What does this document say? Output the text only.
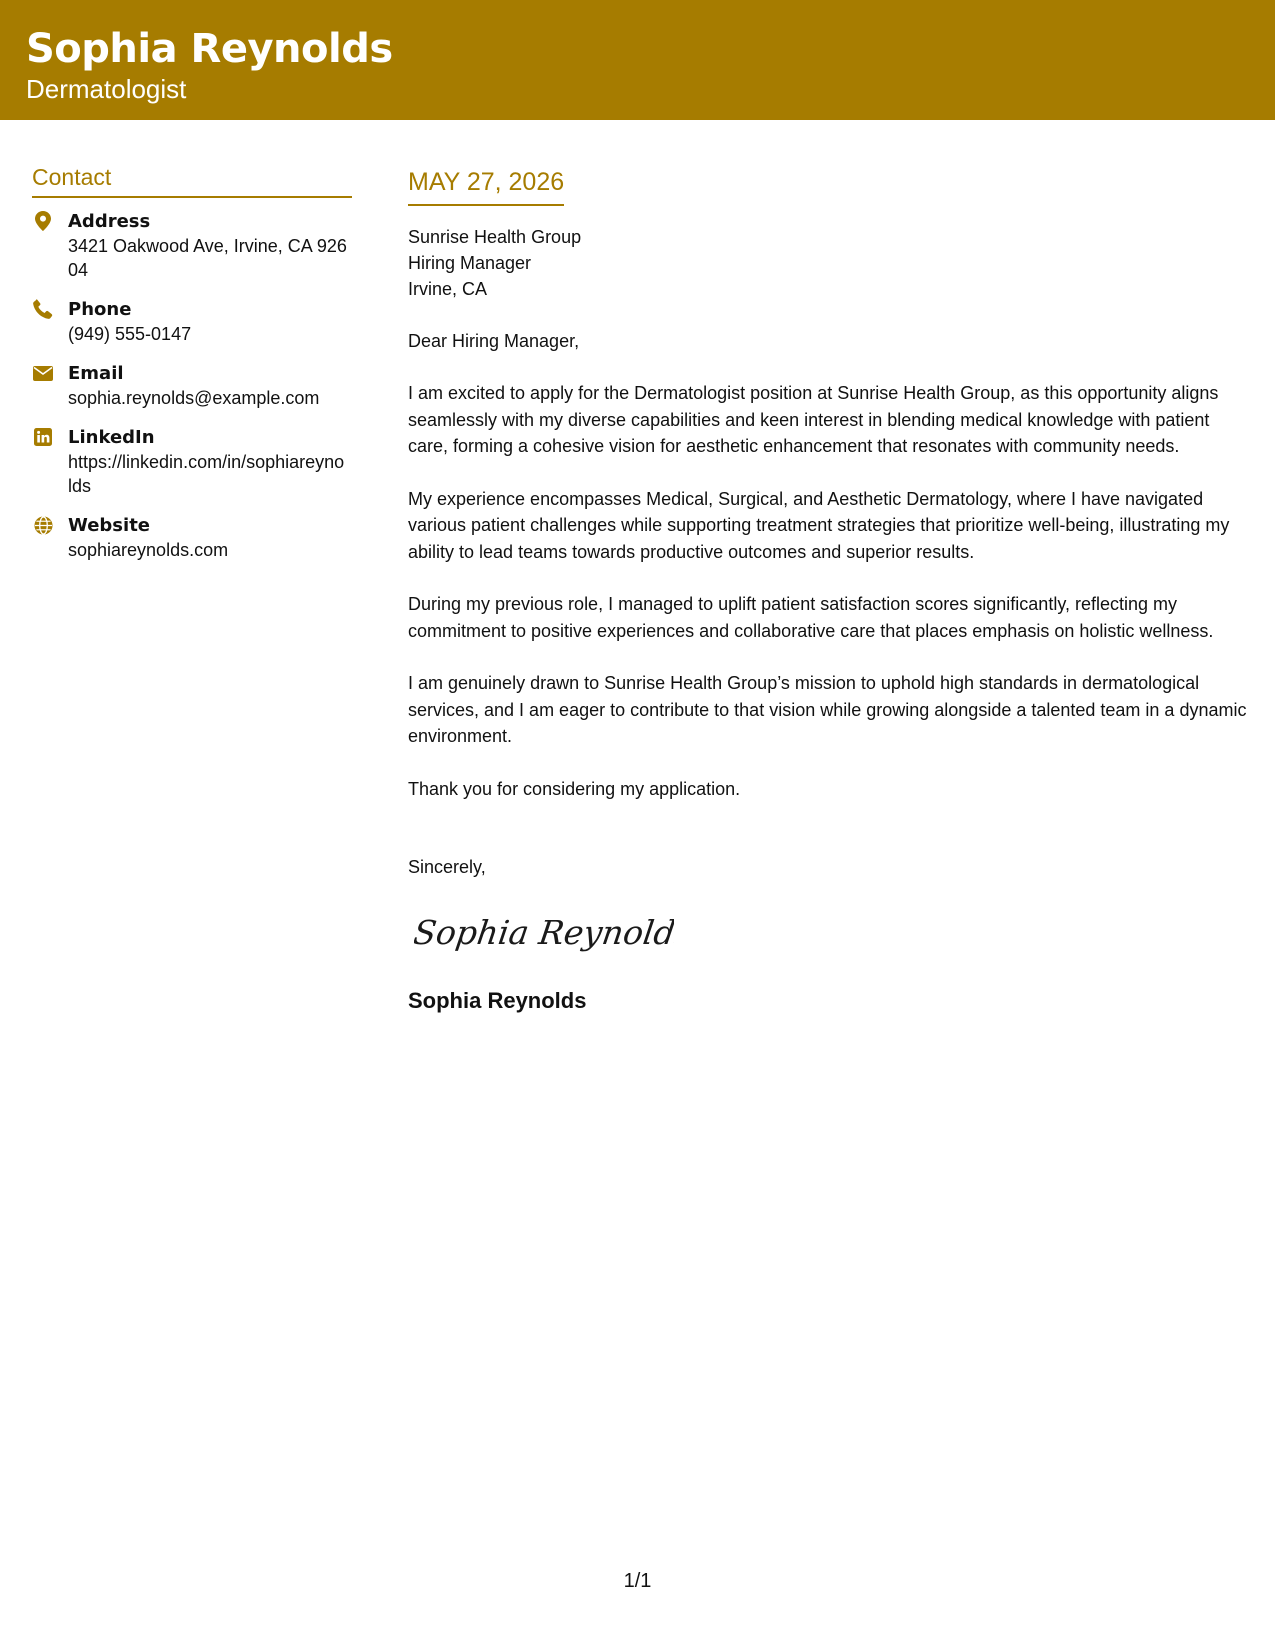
Sophia Reynolds
Dermatologist
Contact
Address
3421 Oakwood Ave, Irvine, CA 92604
Phone
(949) 555-0147
Email
sophia.reynolds@example.com
LinkedIn
https://linkedin.com/in/sophiareynolds
Website
sophiareynolds.com
MAY 27, 2026
Sunrise Health Group
Hiring Manager
Irvine, CA

Dear Hiring Manager,

I am excited to apply for the Dermatologist position at Sunrise Health Group, as this opportunity aligns seamlessly with my diverse capabilities and keen interest in blending medical knowledge with patient care, forming a cohesive vision for aesthetic enhancement that resonates with community needs.

My experience encompasses Medical, Surgical, and Aesthetic Dermatology, where I have navigated various patient challenges while supporting treatment strategies that prioritize well-being, illustrating my ability to lead teams towards productive outcomes and superior results.

During my previous role, I managed to uplift patient satisfaction scores significantly, reflecting my commitment to positive experiences and collaborative care that places emphasis on holistic wellness.

I am genuinely drawn to Sunrise Health Group’s mission to uphold high standards in dermatological services, and I am eager to contribute to that vision while growing alongside a talented team in a dynamic environment.

Thank you for considering my application.

Sincerely,

Sophia Reynolds
Sophia Reynolds
1/1
